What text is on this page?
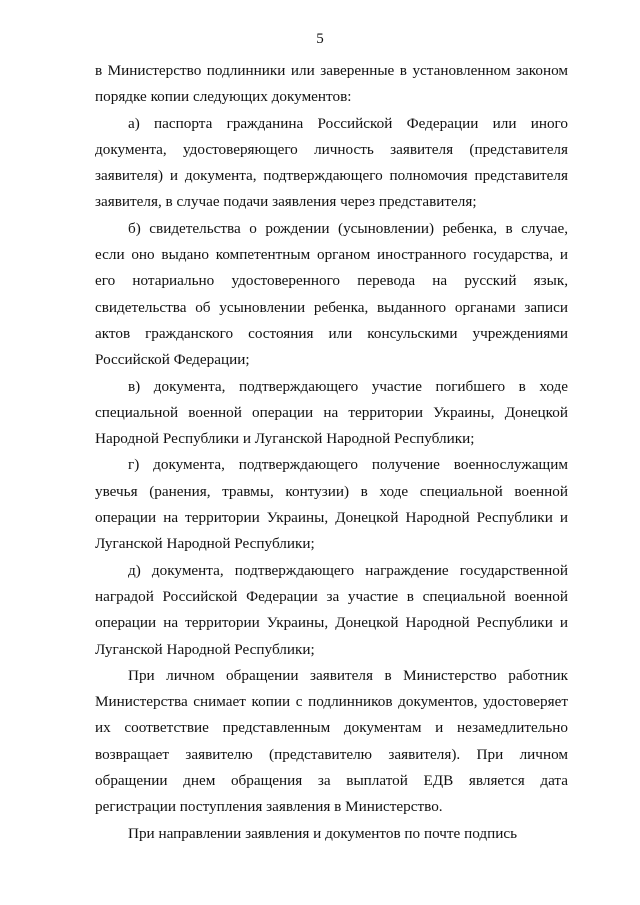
5

в Министерство подлинники или заверенные в установленном законом порядке копии следующих документов:

а) паспорта гражданина Российской Федерации или иного документа, удостоверяющего личность заявителя (представителя заявителя) и документа, подтверждающего полномочия представителя заявителя, в случае подачи заявления через представителя;

б) свидетельства о рождении (усыновлении) ребенка, в случае, если оно выдано компетентным органом иностранного государства, и его нотариально удостоверенного перевода на русский язык, свидетельства об усыновлении ребенка, выданного органами записи актов гражданского состояния или консульскими учреждениями Российской Федерации;

в) документа, подтверждающего участие погибшего в ходе специальной военной операции на территории Украины, Донецкой Народной Республики и Луганской Народной Республики;

г) документа, подтверждающего получение военнослужащим увечья (ранения, травмы, контузии) в ходе специальной военной операции на территории Украины, Донецкой Народной Республики и Луганской Народной Республики;

д) документа, подтверждающего награждение государственной наградой Российской Федерации за участие в специальной военной операции на территории Украины, Донецкой Народной Республики и Луганской Народной Республики;

При личном обращении заявителя в Министерство работник Министерства снимает копии с подлинников документов, удостоверяет их соответствие представленным документам и незамедлительно возвращает заявителю (представителю заявителя). При личном обращении днем обращения за выплатой ЕДВ является дата регистрации поступления заявления в Министерство.

При направлении заявления и документов по почте подпись
